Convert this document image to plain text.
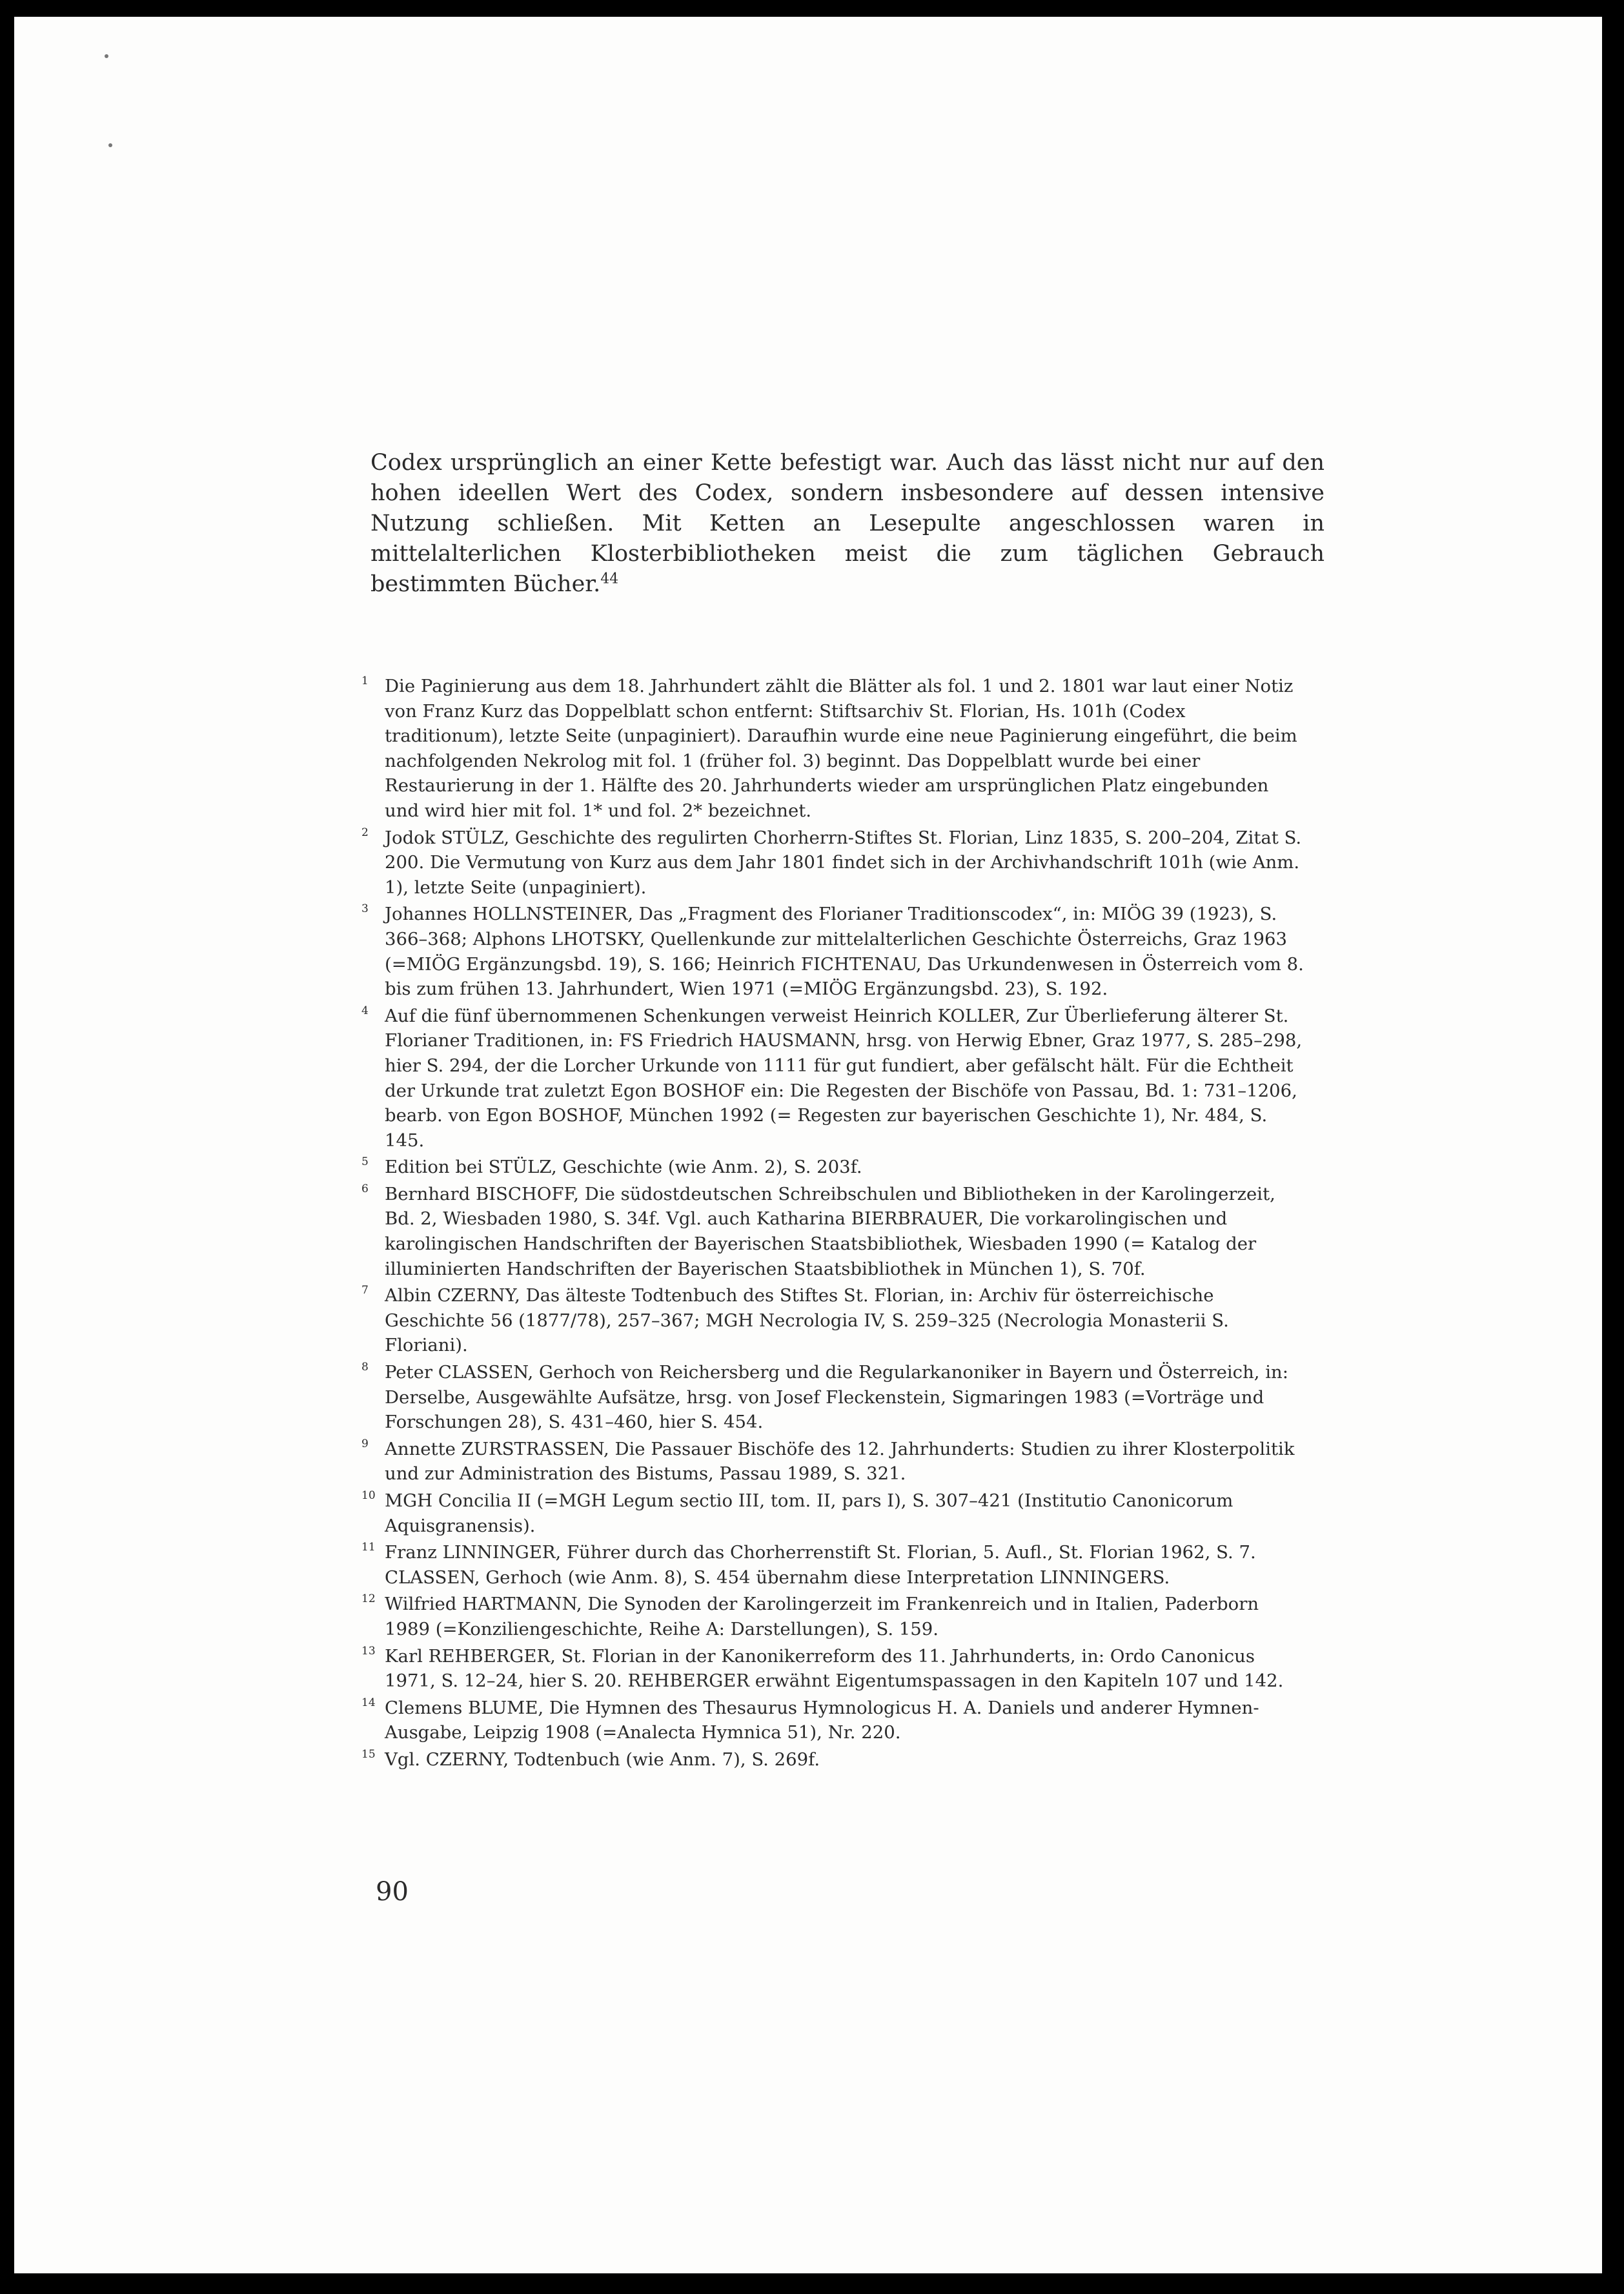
Codex ursprünglich an einer Kette befestigt war. Auch das lässt nicht nur auf den hohen ideellen Wert des Codex, sondern insbesondere auf dessen intensive Nutzung schließen. Mit Ketten an Lesepulte angeschlossen waren in mittelalterlichen Klosterbibliotheken meist die zum täglichen Gebrauch bestimmten Bücher.$^{44}$

1 Die Paginierung aus dem 18. Jahrhundert zählt die Blätter als fol. 1 und 2. 1801 war laut einer Notiz von Franz Kurz das Doppelblatt schon entfernt: Stiftsarchiv St. Florian, Hs. 101h (Codex traditionum), letzte Seite (unpaginiert). Daraufhin wurde eine neue Paginierung eingeführt, die beim nachfolgenden Nekrolog mit fol. 1 (früher fol. 3) beginnt. Das Doppelblatt wurde bei einer Restaurierung in der 1. Hälfte des 20. Jahrhunderts wieder am ursprünglichen Platz eingebunden und wird hier mit fol. 1* und fol. 2* bezeichnet.
2 Jodok STÜLZ, Geschichte des regulirten Chorherrn-Stiftes St. Florian, Linz 1835, S. 200–204, Zitat S. 200. Die Vermutung von Kurz aus dem Jahr 1801 findet sich in der Archivhandschrift 101h (wie Anm. 1), letzte Seite (unpaginiert).
3 Johannes HOLLNSTEINER, Das „Fragment des Florianer Traditionscodex“, in: MIÖG 39 (1923), S. 366–368; Alphons LHOTSKY, Quellenkunde zur mittelalterlichen Geschichte Österreichs, Graz 1963 (=MIÖG Ergänzungsbd. 19), S. 166; Heinrich FICHTENAU, Das Urkundenwesen in Österreich vom 8. bis zum frühen 13. Jahrhundert, Wien 1971 (=MIÖG Ergänzungsbd. 23), S. 192.
4 Auf die fünf übernommenen Schenkungen verweist Heinrich KOLLER, Zur Überlieferung älterer St. Florianer Traditionen, in: FS Friedrich HAUSMANN, hrsg. von Herwig Ebner, Graz 1977, S. 285–298, hier S. 294, der die Lorcher Urkunde von 1111 für gut fundiert, aber gefälscht hält. Für die Echtheit der Urkunde trat zuletzt Egon BOSHOF ein: Die Regesten der Bischöfe von Passau, Bd. 1: 731–1206, bearb. von Egon BOSHOF, München 1992 (= Regesten zur bayerischen Geschichte 1), Nr. 484, S. 145.
5 Edition bei STÜLZ, Geschichte (wie Anm. 2), S. 203f.
6 Bernhard BISCHOFF, Die südostdeutschen Schreibschulen und Bibliotheken in der Karolingerzeit, Bd. 2, Wiesbaden 1980, S. 34f. Vgl. auch Katharina BIERBRAUER, Die vorkarolingischen und karolingischen Handschriften der Bayerischen Staatsbibliothek, Wiesbaden 1990 (= Katalog der illuminierten Handschriften der Bayerischen Staatsbibliothek in München 1), S. 70f.
7 Albin CZERNY, Das älteste Todtenbuch des Stiftes St. Florian, in: Archiv für österreichische Geschichte 56 (1877/78), 257–367; MGH Necrologia IV, S. 259–325 (Necrologia Monasterii S. Floriani).
8 Peter CLASSEN, Gerhoch von Reichersberg und die Regularkanoniker in Bayern und Österreich, in: Derselbe, Ausgewählte Aufsätze, hrsg. von Josef Fleckenstein, Sigmaringen 1983 (=Vorträge und Forschungen 28), S. 431–460, hier S. 454.
9 Annette ZURSTRASSEN, Die Passauer Bischöfe des 12. Jahrhunderts: Studien zu ihrer Klosterpolitik und zur Administration des Bistums, Passau 1989, S. 321.
10 MGH Concilia II (=MGH Legum sectio III, tom. II, pars I), S. 307–421 (Institutio Canonicorum Aquisgranensis).
11 Franz LINNINGER, Führer durch das Chorherrenstift St. Florian, 5. Aufl., St. Florian 1962, S. 7. CLASSEN, Gerhoch (wie Anm. 8), S. 454 übernahm diese Interpretation LINNINGERS.
12 Wilfried HARTMANN, Die Synoden der Karolingerzeit im Frankenreich und in Italien, Paderborn 1989 (=Konziliengeschichte, Reihe A: Darstellungen), S. 159.
13 Karl REHBERGER, St. Florian in der Kanonikerreform des 11. Jahrhunderts, in: Ordo Canonicus 1971, S. 12–24, hier S. 20. REHBERGER erwähnt Eigentumspassagen in den Kapiteln 107 und 142.
14 Clemens BLUME, Die Hymnen des Thesaurus Hymnologicus H. A. Daniels und anderer Hymnen-Ausgabe, Leipzig 1908 (=Analecta Hymnica 51), Nr. 220.
15 Vgl. CZERNY, Todtenbuch (wie Anm. 7), S. 269f.

90
